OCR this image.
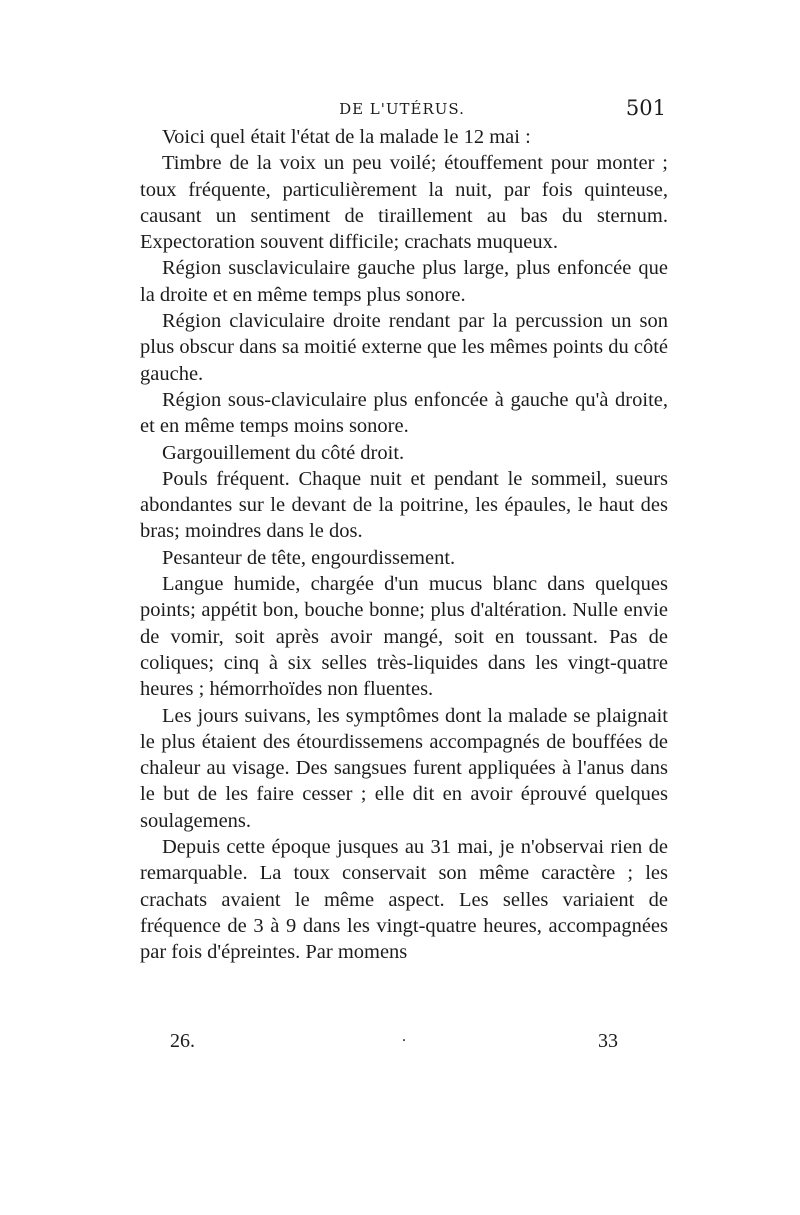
DE L'UTÉRUS.	501

Voici quel était l'état de la malade le 12 mai :

Timbre de la voix un peu voilé; étouffement pour monter ; toux fréquente, particulièrement la nuit, par fois quinteuse, causant un sentiment de tiraillement au bas du sternum. Expectoration souvent difficile; crachats muqueux.

Région susclaviculaire gauche plus large, plus enfoncée que la droite et en même temps plus sonore.

Région claviculaire droite rendant par la percussion un son plus obscur dans sa moitié externe que les mêmes points du côté gauche.

Région sous-claviculaire plus enfoncée à gauche qu'à droite, et en même temps moins sonore.

Gargouillement du côté droit.

Pouls fréquent. Chaque nuit et pendant le sommeil, sueurs abondantes sur le devant de la poitrine, les épaules, le haut des bras; moindres dans le dos.

Pesanteur de tête, engourdissement.

Langue humide, chargée d'un mucus blanc dans quelques points; appétit bon, bouche bonne; plus d'altération. Nulle envie de vomir, soit après avoir mangé, soit en toussant. Pas de coliques; cinq à six selles très-liquides dans les vingt-quatre heures ; hémorrhoïdes non fluentes.

Les jours suivans, les symptômes dont la malade se plaignait le plus étaient des étourdissemens accompagnés de bouffées de chaleur au visage. Des sangsues furent appliquées à l'anus dans le but de les faire cesser ; elle dit en avoir éprouvé quelques soulagemens.

Depuis cette époque jusques au 31 mai, je n'observai rien de remarquable. La toux conservait son même caractère ; les crachats avaient le même aspect. Les selles variaient de fréquence de 3 à 9 dans les vingt-quatre heures, accompagnées par fois d'épreintes. Par momens

26.	.	33
